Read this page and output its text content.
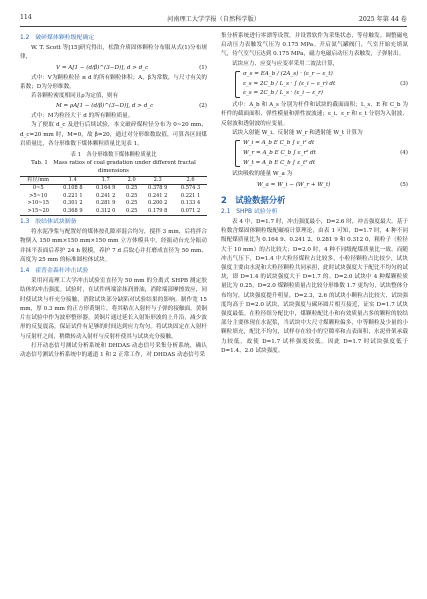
114	河南理工大学学报（自然科学版）	2025 年第 44 卷
1.2　破碎煤体颗粒级配确定

W. T. Scott 等[15]研究得出，松散介质固体颗粒分布服从式(1)分布规律，

V = A[1 − (d/β)^(3−D)], d > d_c	(1)

式中：V为颗粒粒径 ≤ d 的所有颗粒体积；A，β为常数，与尺寸有关的系数；D为分形维数。

若各颗粒密度相同且ρ为定值，则有

M = ρA[1 − (d/β)^(3−D)], d > d_c	(2)

式中：M为粒径大于 d 的所有颗粒质量。

为了便取 d_c 及进行后续试验，本文破碎煤粒径分布为 0~20 mm，d_c=20 mm 时，M=0，故 β=20，通过对分形维数取值，可算各区间煤岩质量比，各分形维数下煤体颗粒质量比见表 1。

表 1　各分形维数下煤体颗粒质量比
Tab. 1　Mass ratios of coal gradation under different fractal dimensions
粒径/mm	1.4	1.7	2.0	2.3	2.6
0~5	0.108 8	0.164 9	0.25	0.378 9	0.574 3
>5~10	0.221 1	0.241 2	0.25	0.241 2	0.221 1
>10~15	0.301 2	0.281 9	0.25	0.200 2	0.133 4
>15~20	0.368 9	0.312 0	0.25	0.179 8	0.071 2
1.3　胶结体试块制备

将水泥净浆与配置好的煤体按孔隙率混合均匀，搅拌 3 min，后将拌合物倒入 150 mm×150 mm×150 mm 立方体模具中，经振动台充分振动并抹平表面后养护 24 h 脱模，养护 7 d 后取心并打磨成直径为 50 mm、高度为 25 mm 的标准圆柱体试块。

1.4　霍普金森杆冲击试验

采用河南理工大学冲击试验室直径为 50 mm 的分离式 SHPB 测定胶结体的冲击强度。试验时，在试件两端涂抹润滑油，消除端部摩擦效应，同时使试块与杆充分接触，消除试块部分缺陷对试验结果的影响。制作宽 15 mm，厚 0.3 mm 的正方形黄铜片，将其粘在入射杆与子弹的接触面，黄铜片在试验中作为波形整形器。黄铜片通过延长入射矩形波的上升沿，减少波形的反复震荡，保证试件有足够的时间达到应力均匀。将试块固定在入射杆与反射杆之间，稍微转动入射杆与反射杆使其与试块充分接触。

打开动态信号测试分析系统和 DHDAS 动态信号采集分析系统，确认动态信号测试分析系统中的通道 1 和 2 正常工作，对 DHDAS 动态信号采

集分析系统进行零漂等设置，并设置软件为采集状态，等待触发。调整磁电启动压力表触发气压为 0.175 MPa。开启氮气罐阀门，气室开始充填氮气，待气室气压达到 0.175 MPa，磁力电磁启动压力表触发，子弹射出。

试块应力、应变与应变率采用二波法计算，

σ_s = EA_b / (2A_s) · (ε_r − ε_t)
ε_s = 2C_b / L_s · ∫ (ε_i − ε_r) dt	(3)
ε̇_s = 2C_b / L_s · (ε_i − ε_r)

式中：A_b 和 A_s 分别为杆件和试块的截面面积；L_s、E 和 C_b 为杆件的截面面积、弹性模量和弹性波波速；ε_i、ε_r 和 ε_t 分别为入射波、反射波和透射波的应变量。

试块入射能 W_i、反射能 W_r 和透射能 W_t 计算为

W_i = A_b E C_b ∫ ε_i² dt
W_r = A_b E C_b ∫ ε_r² dt	(4)
W_t = A_b E C_b ∫ ε_t² dt

试块吸收的能量 W_a 为

W_a = W_i − (W_r + W_t)	(5)
2　试验数据分析
2.1　SHPB 试验分析

表 4 中，D=1.7 时，冲击强度最小，D=2.6 时，冲击强度最大。基于粒数含煤固体颗粒级配碾痕计算理论，由表 1 可知，D=1.7 时，4 种不同级配煤质量比为 0.164 9、0.241 2、0.281 9 和 0.312 0，粗粒子（粒径大于 10 mm）的占比较大；D=2.0 时，4 种不同级配煤质量比一致，而随冲击气压下，D=1.4 中大粒径煤粒占比较多，小粒径颗粒占比较少，试块强度主要由水泥和大粒径颗粒共同承担，此时试块强度大于配比不均匀的试块，即 D=1.4 的试块强度大于 D=1.7 的。D=2.0 试块中 4 种煤颗粒质量比为 0.25，D=2.0 煤颗粒质量占比较分形维数 1.7 更均匀，试块整体分布均匀，试块强度提升明显。D=2.3，2.6 的试块小颗粒占比较大，试块强度均高于 D=2.0 试块，试块强度与碳环圆片相互接近，证实 D=1.7 试块强度最低。在粒径组分配比中，煤颗粒配比小和有效质量占多的颗粒的胶结部分主要体现在水泥浆，当试块中大尺寸煤颗粒偏多，中等颗粒及少量的小颗粒填充，配比不均匀，试样存在较小的空隙率和点表面积，水泥骨架承载力较低，故使 D=1.7 试样强度较低。因此 D=1.7 时试块强度低于 D=1.4、2.0 试块强度。
